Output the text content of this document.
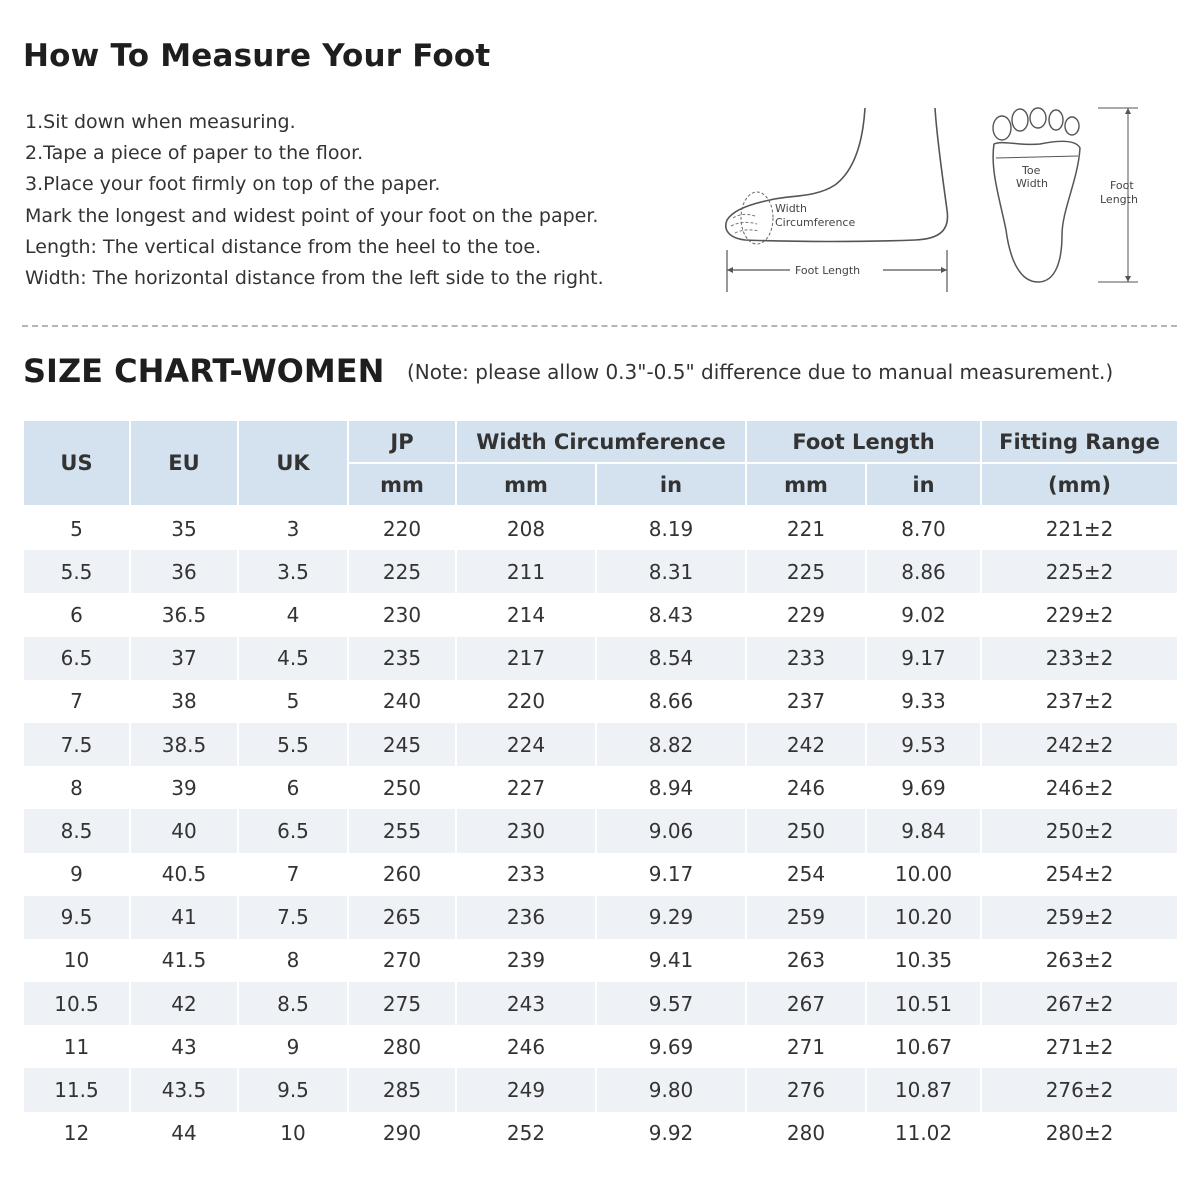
How To Measure Your Foot
1.Sit down when measuring.
2.Tape a piece of paper to the floor.
3.Place your foot firmly on top of the paper.
Mark the longest and widest point of your foot on the paper.
Length: The vertical distance from the heel to the toe.
Width: The horizontal distance from the left side to the right.
Width
Circumference
Foot Length
Toe
Width	Foot
Length
SIZE CHART-WOMEN (Note: please allow 0.3"-0.5" difference due to manual measurement.)
US	EU	UK	JP	Width Circumference		Foot Length		Fitting Range
			mm	mm	in	mm	in	(mm)
5	35	3	220	208	8.19	221	8.70	221±2
5.5	36	3.5	225	211	8.31	225	8.86	225±2
6	36.5	4	230	214	8.43	229	9.02	229±2
6.5	37	4.5	235	217	8.54	233	9.17	233±2
7	38	5	240	220	8.66	237	9.33	237±2
7.5	38.5	5.5	245	224	8.82	242	9.53	242±2
8	39	6	250	227	8.94	246	9.69	246±2
8.5	40	6.5	255	230	9.06	250	9.84	250±2
9	40.5	7	260	233	9.17	254	10.00	254±2
9.5	41	7.5	265	236	9.29	259	10.20	259±2
10	41.5	8	270	239	9.41	263	10.35	263±2
10.5	42	8.5	275	243	9.57	267	10.51	267±2
11	43	9	280	246	9.69	271	10.67	271±2
11.5	43.5	9.5	285	249	9.80	276	10.87	276±2
12	44	10	290	252	9.92	280	11.02	280±2
